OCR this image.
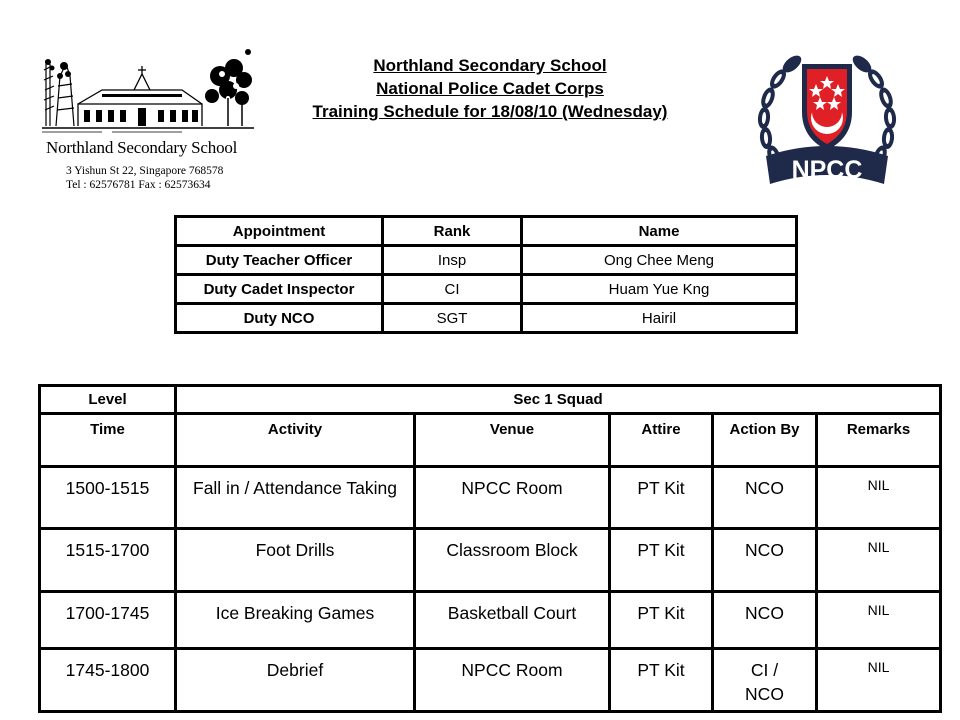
Northland Secondary School
3 Yishun St 22, Singapore 768578
Tel : 62576781 Fax : 62573634
Northland Secondary School
National Police Cadet Corps
Training Schedule for 18/08/10 (Wednesday)
NPCC
Appointment	Rank	Name
Duty Teacher Officer	Insp	Ong Chee Meng
Duty Cadet Inspector	CI	Huam Yue Kng
Duty NCO	SGT	Hairil
Level	Sec 1 Squad				
Time	Activity	Venue	Attire	Action By	Remarks
1500-1515	Fall in / Attendance Taking	NPCC Room	PT Kit	NCO	NIL
1515-1700	Foot Drills	Classroom Block	PT Kit	NCO	NIL
1700-1745	Ice Breaking Games	Basketball Court	PT Kit	NCO	NIL
1745-1800	Debrief	NPCC Room	PT Kit	CI / NCO	NIL
